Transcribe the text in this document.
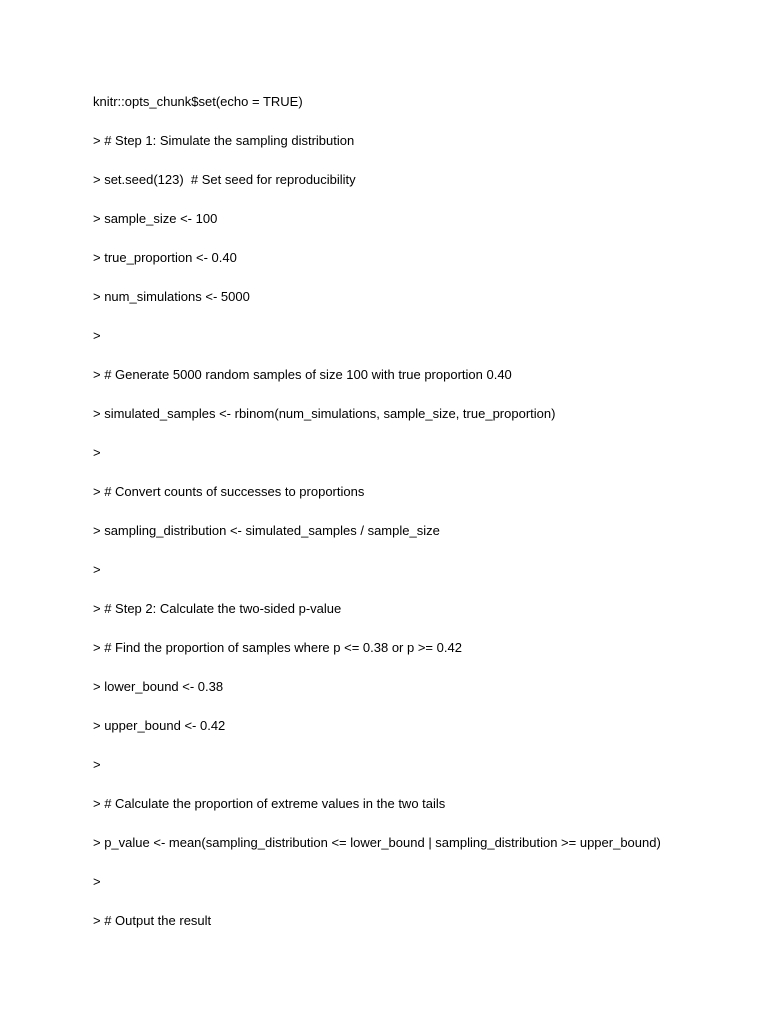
knitr::opts_chunk$set(echo = TRUE)

> # Step 1: Simulate the sampling distribution

> set.seed(123)  # Set seed for reproducibility

> sample_size <- 100

> true_proportion <- 0.40

> num_simulations <- 5000

>

> # Generate 5000 random samples of size 100 with true proportion 0.40

> simulated_samples <- rbinom(num_simulations, sample_size, true_proportion)

>

> # Convert counts of successes to proportions

> sampling_distribution <- simulated_samples / sample_size

>

> # Step 2: Calculate the two-sided p-value

> # Find the proportion of samples where p <= 0.38 or p >= 0.42

> lower_bound <- 0.38

> upper_bound <- 0.42

>

> # Calculate the proportion of extreme values in the two tails

> p_value <- mean(sampling_distribution <= lower_bound | sampling_distribution >= upper_bound)

>

> # Output the result
